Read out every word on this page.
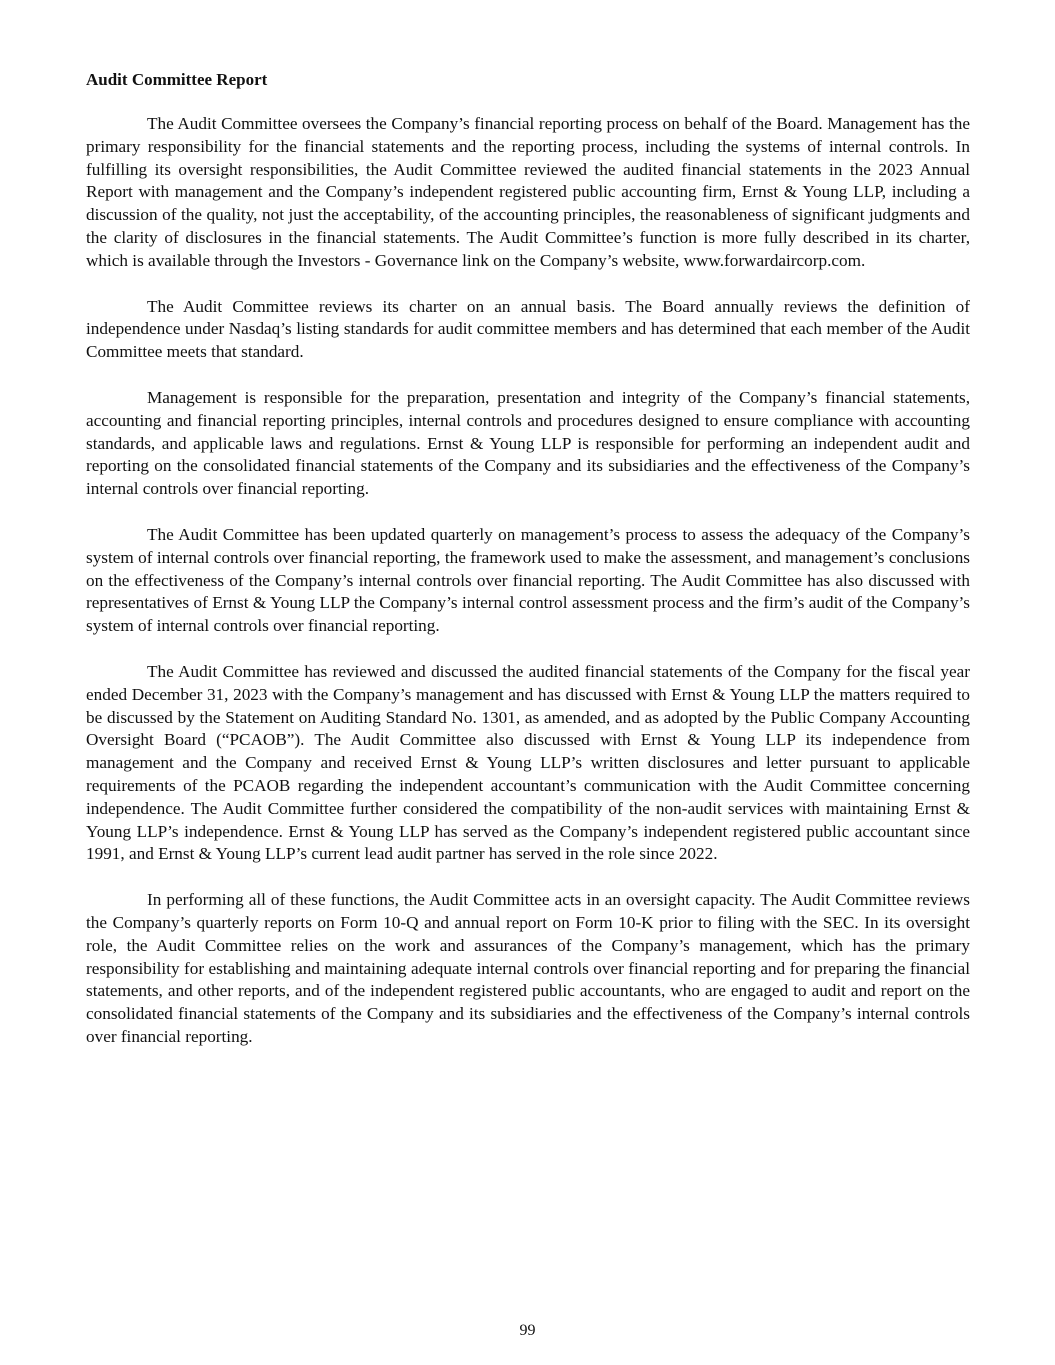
Audit Committee Report

The Audit Committee oversees the Company’s financial reporting process on behalf of the Board. Management has the primary responsibility for the financial statements and the reporting process, including the systems of internal controls. In fulfilling its oversight responsibilities, the Audit Committee reviewed the audited financial statements in the 2023 Annual Report with management and the Company’s independent registered public accounting firm, Ernst & Young LLP, including a discussion of the quality, not just the acceptability, of the accounting principles, the reasonableness of significant judgments and the clarity of disclosures in the financial statements. The Audit Committee’s function is more fully described in its charter, which is available through the Investors - Governance link on the Company’s website, www.forwardaircorp.com.

The Audit Committee reviews its charter on an annual basis. The Board annually reviews the definition of independence under Nasdaq’s listing standards for audit committee members and has determined that each member of the Audit Committee meets that standard.

Management is responsible for the preparation, presentation and integrity of the Company’s financial statements, accounting and financial reporting principles, internal controls and procedures designed to ensure compliance with accounting standards, and applicable laws and regulations. Ernst & Young LLP is responsible for performing an independent audit and reporting on the consolidated financial statements of the Company and its subsidiaries and the effectiveness of the Company’s internal controls over financial reporting.

The Audit Committee has been updated quarterly on management’s process to assess the adequacy of the Company’s system of internal controls over financial reporting, the framework used to make the assessment, and management’s conclusions on the effectiveness of the Company’s internal controls over financial reporting. The Audit Committee has also discussed with representatives of Ernst & Young LLP the Company’s internal control assessment process and the firm’s audit of the Company’s system of internal controls over financial reporting.

The Audit Committee has reviewed and discussed the audited financial statements of the Company for the fiscal year ended December 31, 2023 with the Company’s management and has discussed with Ernst & Young LLP the matters required to be discussed by the Statement on Auditing Standard No. 1301, as amended, and as adopted by the Public Company Accounting Oversight Board (“PCAOB”). The Audit Committee also discussed with Ernst & Young LLP its independence from management and the Company and received Ernst & Young LLP’s written disclosures and letter pursuant to applicable requirements of the PCAOB regarding the independent accountant’s communication with the Audit Committee concerning independence. The Audit Committee further considered the compatibility of the non-audit services with maintaining Ernst & Young LLP’s independence. Ernst & Young LLP has served as the Company’s independent registered public accountant since 1991, and Ernst & Young LLP’s current lead audit partner has served in the role since 2022.

In performing all of these functions, the Audit Committee acts in an oversight capacity. The Audit Committee reviews the Company’s quarterly reports on Form 10-Q and annual report on Form 10-K prior to filing with the SEC. In its oversight role, the Audit Committee relies on the work and assurances of the Company’s management, which has the primary responsibility for establishing and maintaining adequate internal controls over financial reporting and for preparing the financial statements, and other reports, and of the independent registered public accountants, who are engaged to audit and report on the consolidated financial statements of the Company and its subsidiaries and the effectiveness of the Company’s internal controls over financial reporting.

99
